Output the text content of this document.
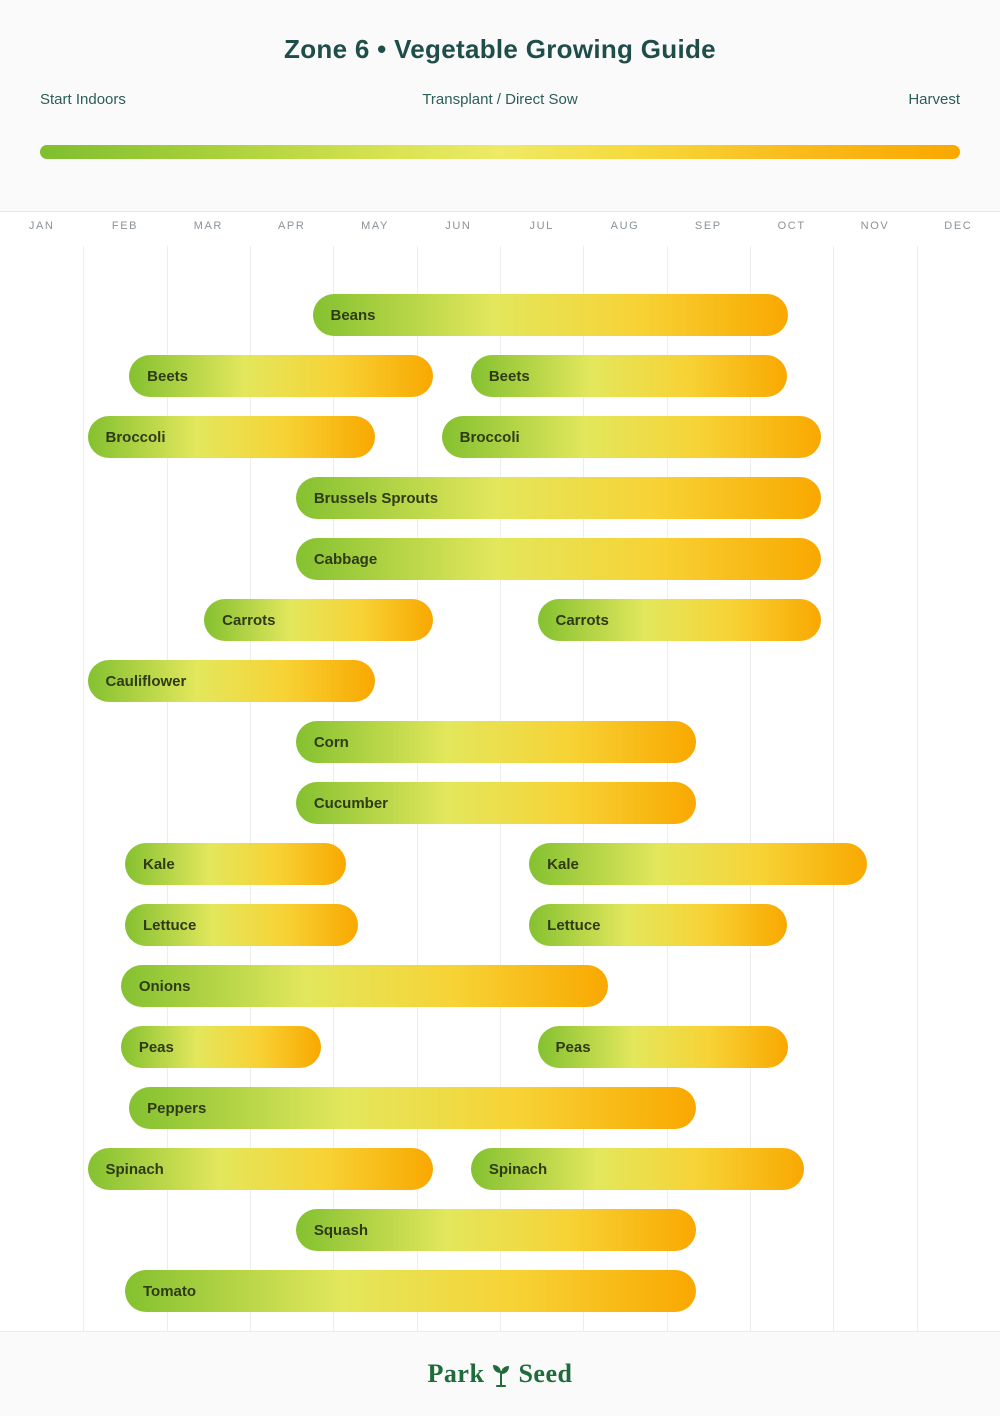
Zone 6 • Vegetable Growing Guide
Start Indoors	Transplant / Direct Sow	Harvest
JAN	FEB	MAR	APR	MAY	JUN	JUL	AUG	SEP	OCT	NOV	DEC
Beans
Beets	Beets
Broccoli	Broccoli
Brussels Sprouts
Cabbage
Carrots	Carrots
Cauliflower
Corn
Cucumber
Kale	Kale
Lettuce	Lettuce
Onions
Peas	Peas
Peppers
Spinach	Spinach
Squash
Tomato
Park Seed
